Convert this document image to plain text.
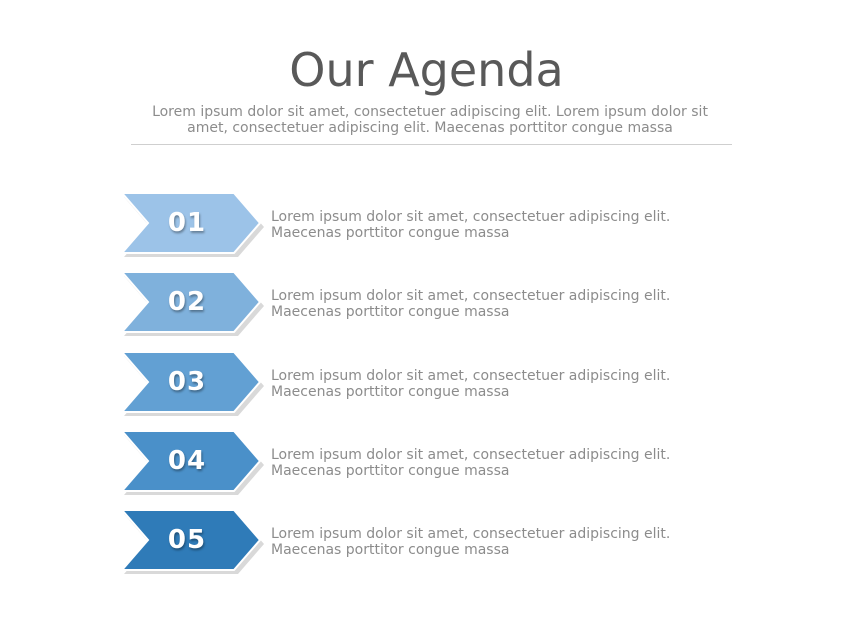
Our Agenda
Lorem ipsum dolor sit amet, consectetuer adipiscing elit. Lorem ipsum dolor sit
amet, consectetuer adipiscing elit. Maecenas porttitor congue massa
01	Lorem ipsum dolor sit amet, consectetuer adipiscing elit.
Maecenas porttitor congue massa
02	Lorem ipsum dolor sit amet, consectetuer adipiscing elit.
Maecenas porttitor congue massa
03	Lorem ipsum dolor sit amet, consectetuer adipiscing elit.
Maecenas porttitor congue massa
04	Lorem ipsum dolor sit amet, consectetuer adipiscing elit.
Maecenas porttitor congue massa
05	Lorem ipsum dolor sit amet, consectetuer adipiscing elit.
Maecenas porttitor congue massa
